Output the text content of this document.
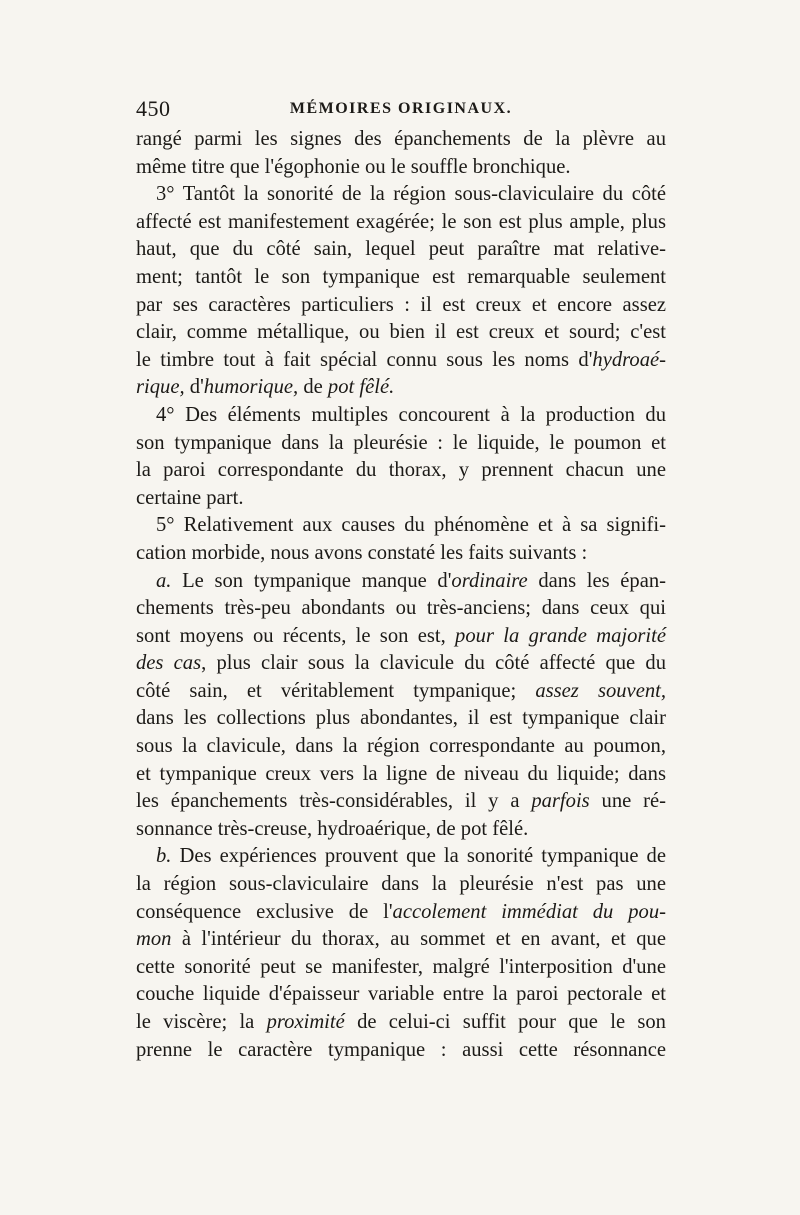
450	MÉMOIRES ORIGINAUX.
rangé parmi les signes des épanchements de la plèvre au
même titre que l'égophonie ou le souffle bronchique.
3° Tantôt la sonorité de la région sous-claviculaire du côté
affecté est manifestement exagérée; le son est plus ample, plus
haut, que du côté sain, lequel peut paraître mat relative-
ment; tantôt le son tympanique est remarquable seulement
par ses caractères particuliers : il est creux et encore assez
clair, comme métallique, ou bien il est creux et sourd; c'est
le timbre tout à fait spécial connu sous les noms d'hydroaé-
rique, d'humorique, de pot fêlé.
4° Des éléments multiples concourent à la production du
son tympanique dans la pleurésie : le liquide, le poumon et
la paroi correspondante du thorax, y prennent chacun une
certaine part.
5° Relativement aux causes du phénomène et à sa signifi-
cation morbide, nous avons constaté les faits suivants :
a. Le son tympanique manque d'ordinaire dans les épan-
chements très-peu abondants ou très-anciens; dans ceux qui
sont moyens ou récents, le son est, pour la grande majorité
des cas, plus clair sous la clavicule du côté affecté que du
côté sain, et véritablement tympanique; assez souvent,
dans les collections plus abondantes, il est tympanique clair
sous la clavicule, dans la région correspondante au poumon,
et tympanique creux vers la ligne de niveau du liquide; dans
les épanchements très-considérables, il y a parfois une ré-
sonnance très-creuse, hydroaérique, de pot fêlé.
b. Des expériences prouvent que la sonorité tympanique de
la région sous-claviculaire dans la pleurésie n'est pas une
conséquence exclusive de l'accolement immédiat du pou-
mon à l'intérieur du thorax, au sommet et en avant, et que
cette sonorité peut se manifester, malgré l'interposition d'une
couche liquide d'épaisseur variable entre la paroi pectorale et
le viscère; la proximité de celui-ci suffit pour que le son
prenne le caractère tympanique : aussi cette résonnance
